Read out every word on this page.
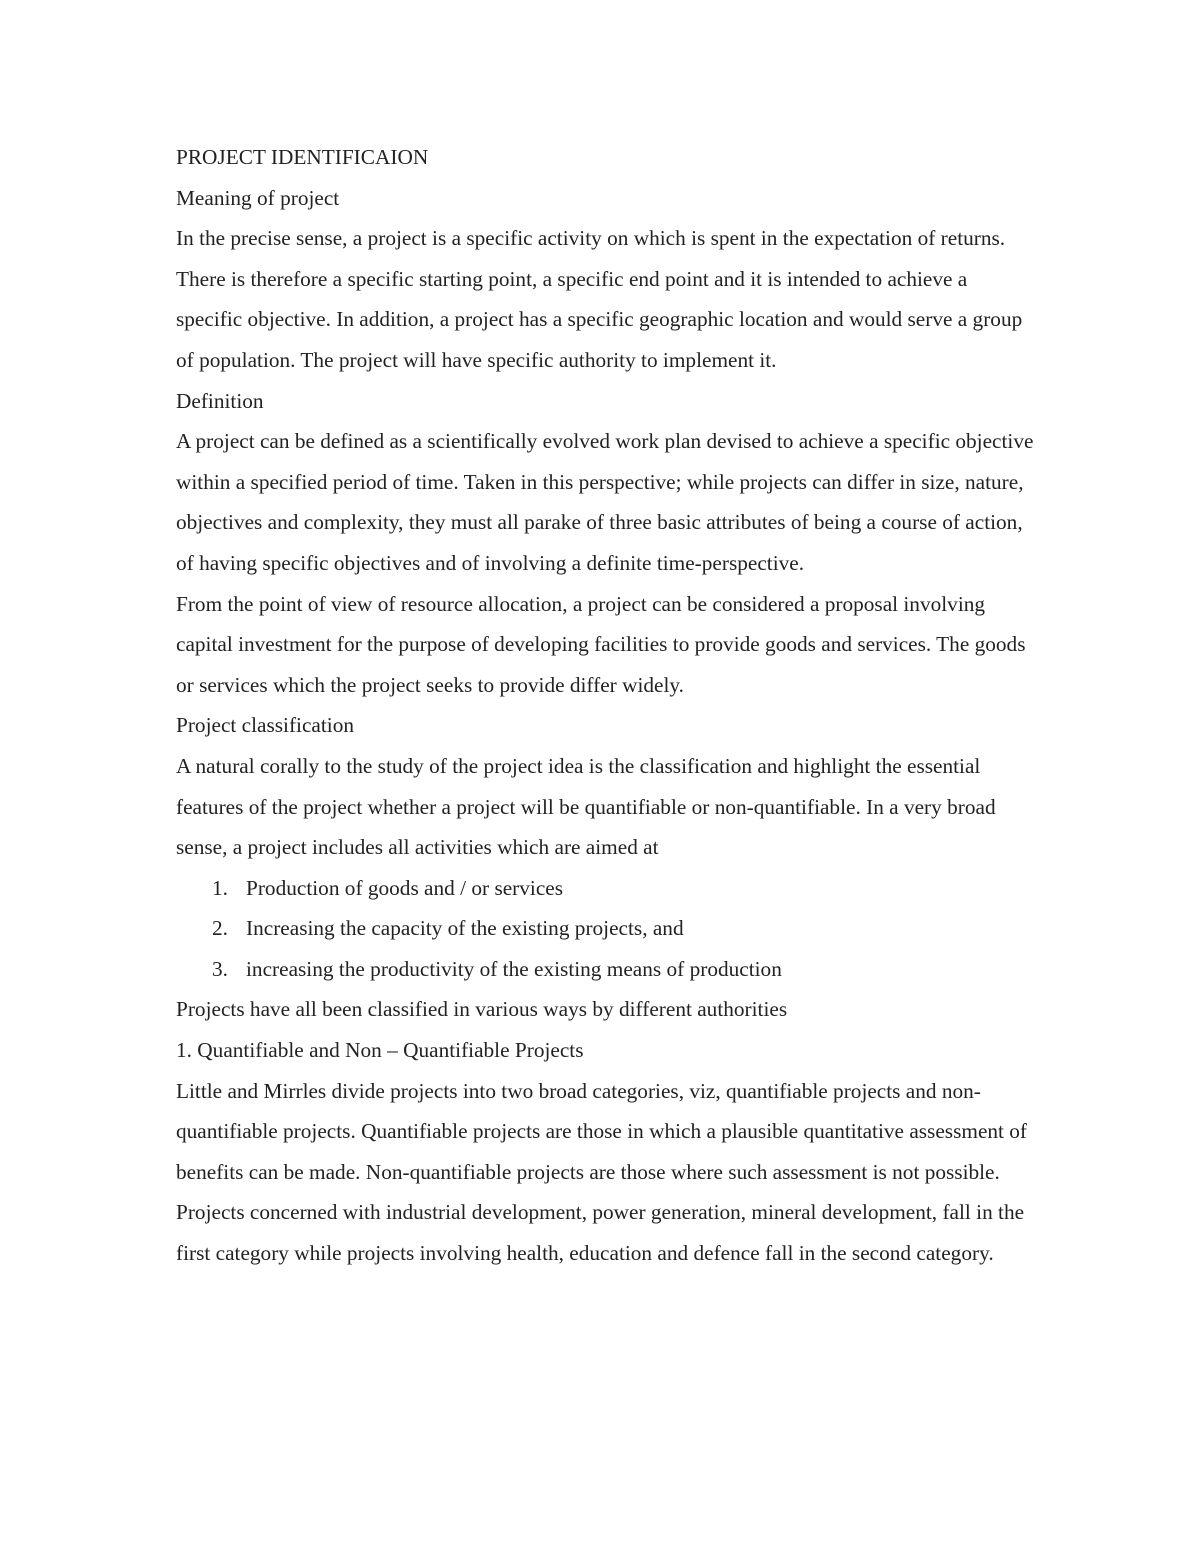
PROJECT IDENTIFICAION

Meaning of project

In the precise sense, a project is a specific activity on which is spent in the expectation of returns. There is therefore a specific starting point, a specific end point and it is intended to achieve a specific objective. In addition, a project has a specific geographic location and would serve a group of population. The project will have specific authority to implement it.

Definition

A project can be defined as a scientifically evolved work plan devised to achieve a specific objective within a specified period of time. Taken in this perspective; while projects can differ in size, nature, objectives and complexity, they must all parake of three basic attributes of being a course of action, of having specific objectives and of involving a definite time-perspective.

From the point of view of resource allocation, a project can be considered a proposal involving capital investment for the purpose of developing facilities to provide goods and services. The goods or services which the project seeks to provide differ widely.

Project classification

A natural corally to the study of the project idea is the classification and highlight the essential features of the project whether a project will be quantifiable or non-quantifiable. In a very broad sense, a project includes all activities which are aimed at

1. Production of goods and / or services
2. Increasing the capacity of the existing projects, and
3. increasing the productivity of the existing means of production

Projects have all been classified in various ways by different authorities

1. Quantifiable and Non – Quantifiable Projects

Little and Mirrles divide projects into two broad categories, viz, quantifiable projects and non-quantifiable projects. Quantifiable projects are those in which a plausible quantitative assessment of benefits can be made. Non-quantifiable projects are those where such assessment is not possible. Projects concerned with industrial development, power generation, mineral development, fall in the first category while projects involving health, education and defence fall in the second category.
